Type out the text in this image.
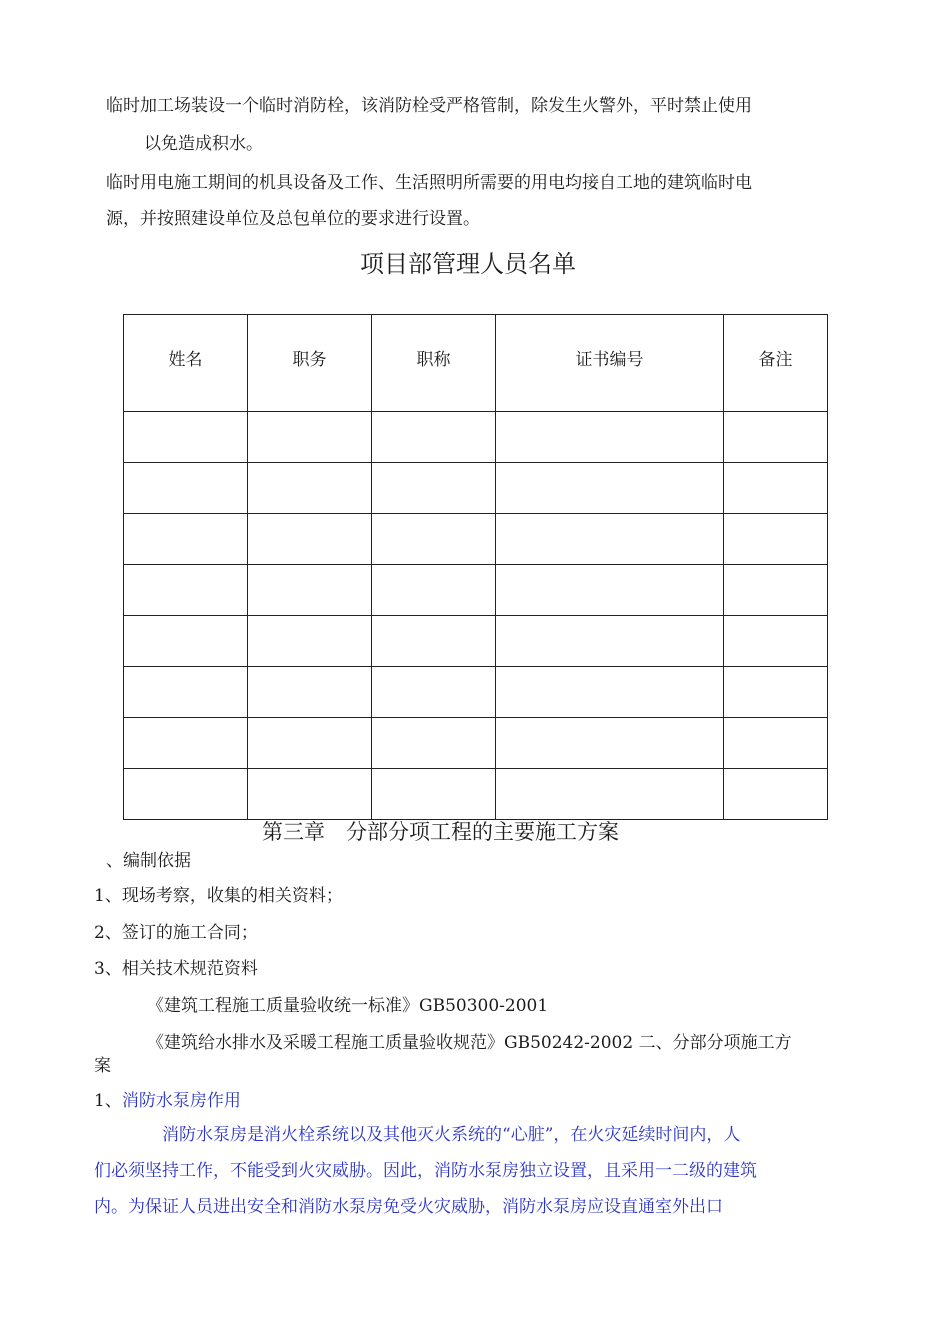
临时加工场装设一个临时消防栓，该消防栓受严格管制，除发生火警外，平时禁止使用
以免造成积水。
临时用电施工期间的机具设备及工作、生活照明所需要的用电均接自工地的建筑临时电
源，并按照建设单位及总包单位的要求进行设置。
项目部管理人员名单
姓名	职务	职称	证书编号	备注

第三章　分部分项工程的主要施工方案
、编制依据
1、现场考察，收集的相关资料；
2、签订的施工合同；
3、相关技术规范资料
《建筑工程施工质量验收统一标准》GB50300-2001
《建筑给水排水及采暖工程施工质量验收规范》GB50242-2002 二、分部分项施工方
案
1、消防水泵房作用
消防水泵房是消火栓系统以及其他灭火系统的“心脏”，在火灾延续时间内，人
们必须坚持工作，不能受到火灾威胁。因此，消防水泵房独立设置，且采用一二级的建筑
内。为保证人员进出安全和消防水泵房免受火灾威胁，消防水泵房应设直通室外出口
